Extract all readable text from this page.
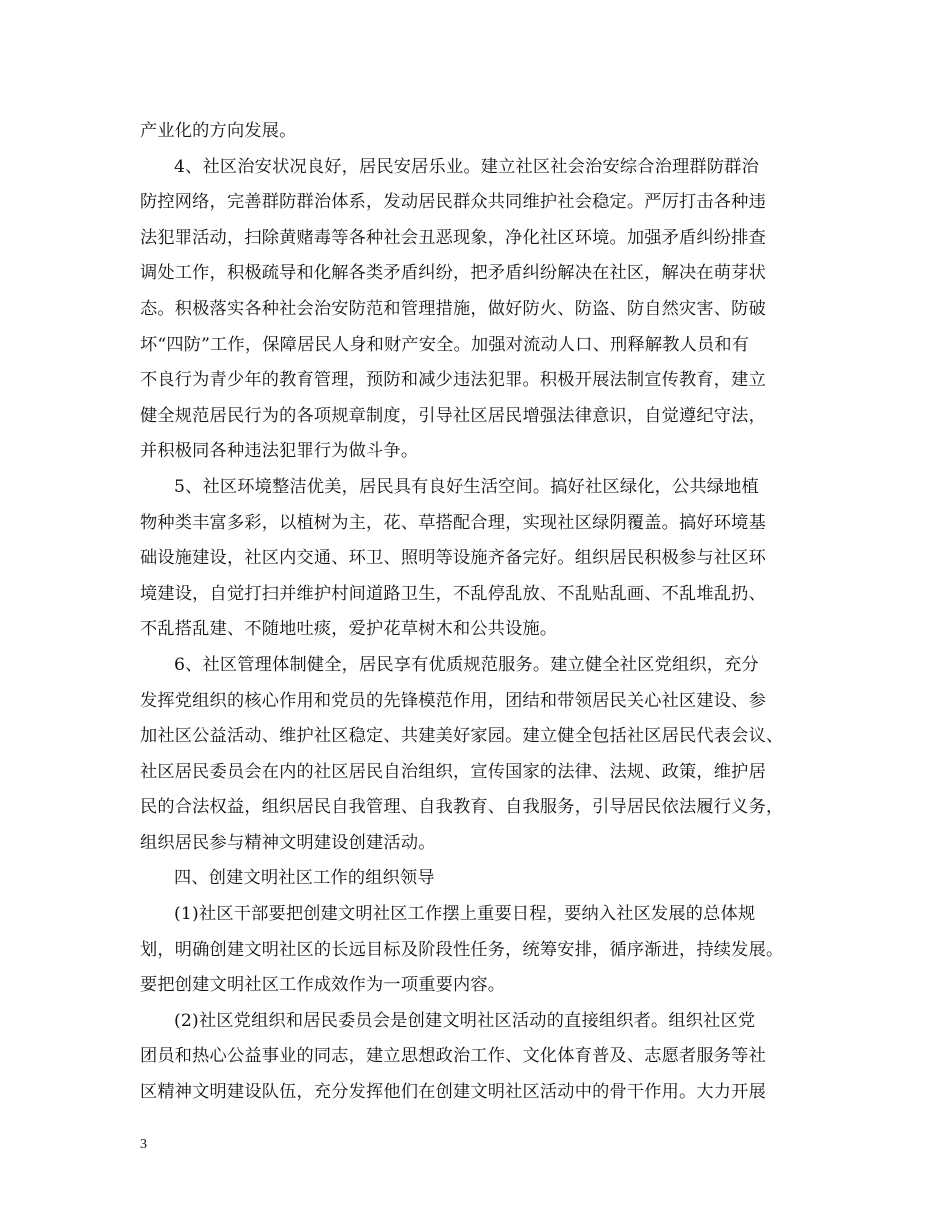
产业化的方向发展。
4、社区治安状况良好，居民安居乐业。建立社区社会治安综合治理群防群治
防控网络，完善群防群治体系，发动居民群众共同维护社会稳定。严厉打击各种违
法犯罪活动，扫除黄赌毒等各种社会丑恶现象，净化社区环境。加强矛盾纠纷排查
调处工作，积极疏导和化解各类矛盾纠纷，把矛盾纠纷解决在社区，解决在萌芽状
态。积极落实各种社会治安防范和管理措施，做好防火、防盗、防自然灾害、防破
坏“四防”工作，保障居民人身和财产安全。加强对流动人口、刑释解教人员和有
不良行为青少年的教育管理，预防和减少违法犯罪。积极开展法制宣传教育，建立
健全规范居民行为的各项规章制度，引导社区居民增强法律意识，自觉遵纪守法，
并积极同各种违法犯罪行为做斗争。
5、社区环境整洁优美，居民具有良好生活空间。搞好社区绿化，公共绿地植
物种类丰富多彩，以植树为主，花、草搭配合理，实现社区绿阴覆盖。搞好环境基
础设施建设，社区内交通、环卫、照明等设施齐备完好。组织居民积极参与社区环
境建设，自觉打扫并维护村间道路卫生，不乱停乱放、不乱贴乱画、不乱堆乱扔、
不乱搭乱建、不随地吐痰，爱护花草树木和公共设施。
6、社区管理体制健全，居民享有优质规范服务。建立健全社区党组织，充分
发挥党组织的核心作用和党员的先锋模范作用，团结和带领居民关心社区建设、参
加社区公益活动、维护社区稳定、共建美好家园。建立健全包括社区居民代表会议、
社区居民委员会在内的社区居民自治组织，宣传国家的法律、法规、政策，维护居
民的合法权益，组织居民自我管理、自我教育、自我服务，引导居民依法履行义务，
组织居民参与精神文明建设创建活动。
四、创建文明社区工作的组织领导
(1)社区干部要把创建文明社区工作摆上重要日程，要纳入社区发展的总体规
划，明确创建文明社区的长远目标及阶段性任务，统筹安排，循序渐进，持续发展。
要把创建文明社区工作成效作为一项重要内容。
(2)社区党组织和居民委员会是创建文明社区活动的直接组织者。组织社区党
团员和热心公益事业的同志，建立思想政治工作、文化体育普及、志愿者服务等社
区精神文明建设队伍，充分发挥他们在创建文明社区活动中的骨干作用。大力开展
3
